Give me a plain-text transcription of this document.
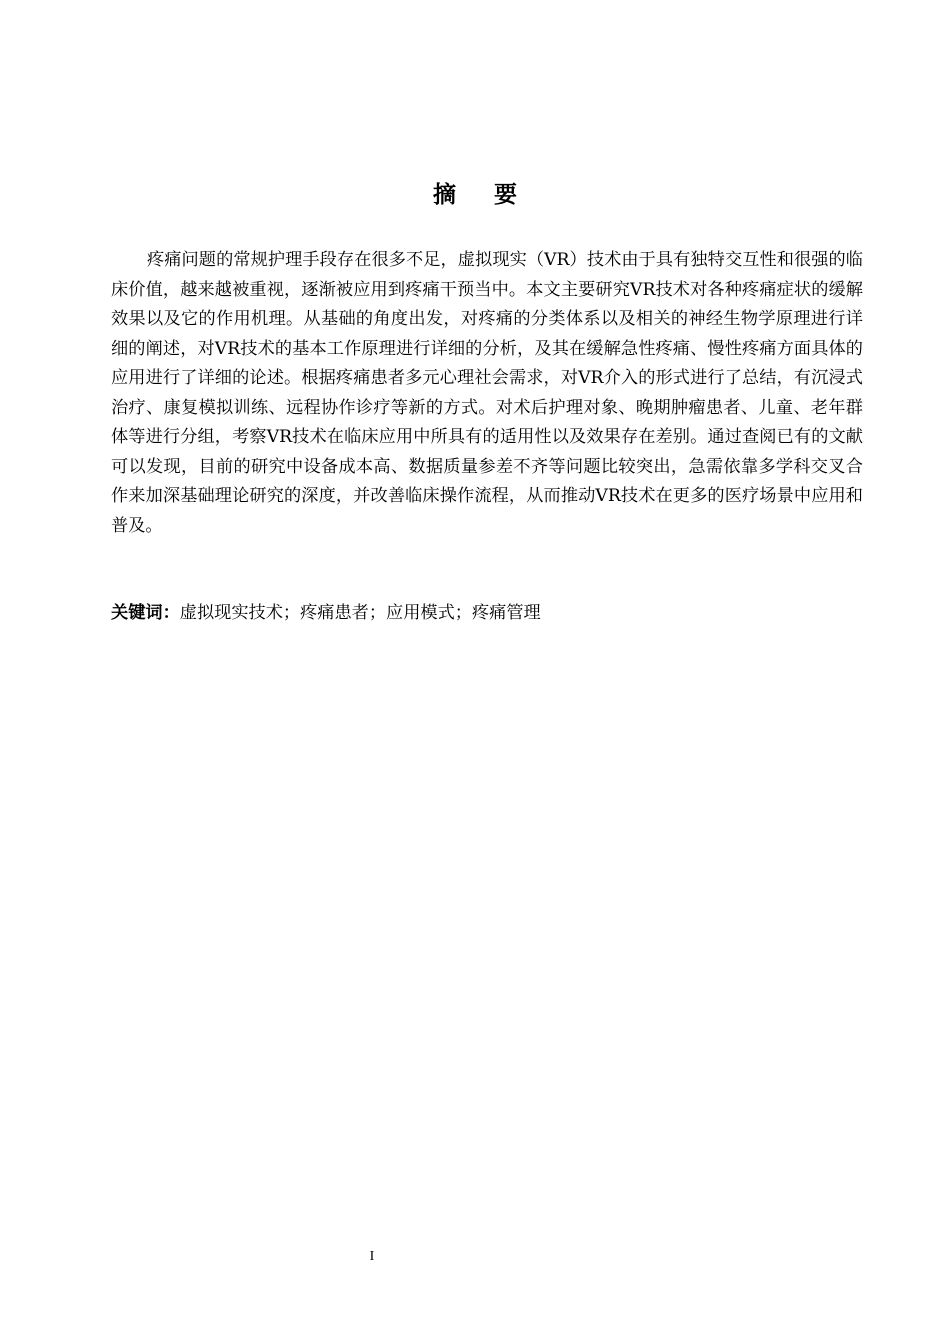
摘要

疼痛问题的常规护理手段存在很多不足，虚拟现实（VR）技术由于具有独特交互性和很强的临床价值，越来越被重视，逐渐被应用到疼痛干预当中。本文主要研究VR技术对各种疼痛症状的缓解效果以及它的作用机理。从基础的角度出发，对疼痛的分类体系以及相关的神经生物学原理进行详细的阐述，对VR技术的基本工作原理进行详细的分析，及其在缓解急性疼痛、慢性疼痛方面具体的应用进行了详细的论述。根据疼痛患者多元心理社会需求，对VR介入的形式进行了总结，有沉浸式治疗、康复模拟训练、远程协作诊疗等新的方式。对术后护理对象、晚期肿瘤患者、儿童、老年群体等进行分组，考察VR技术在临床应用中所具有的适用性以及效果存在差别。通过查阅已有的文献可以发现，目前的研究中设备成本高、数据质量参差不齐等问题比较突出，急需依靠多学科交叉合作来加深基础理论研究的深度，并改善临床操作流程，从而推动VR技术在更多的医疗场景中应用和普及。

关键词：虚拟现实技术；疼痛患者；应用模式；疼痛管理

I
